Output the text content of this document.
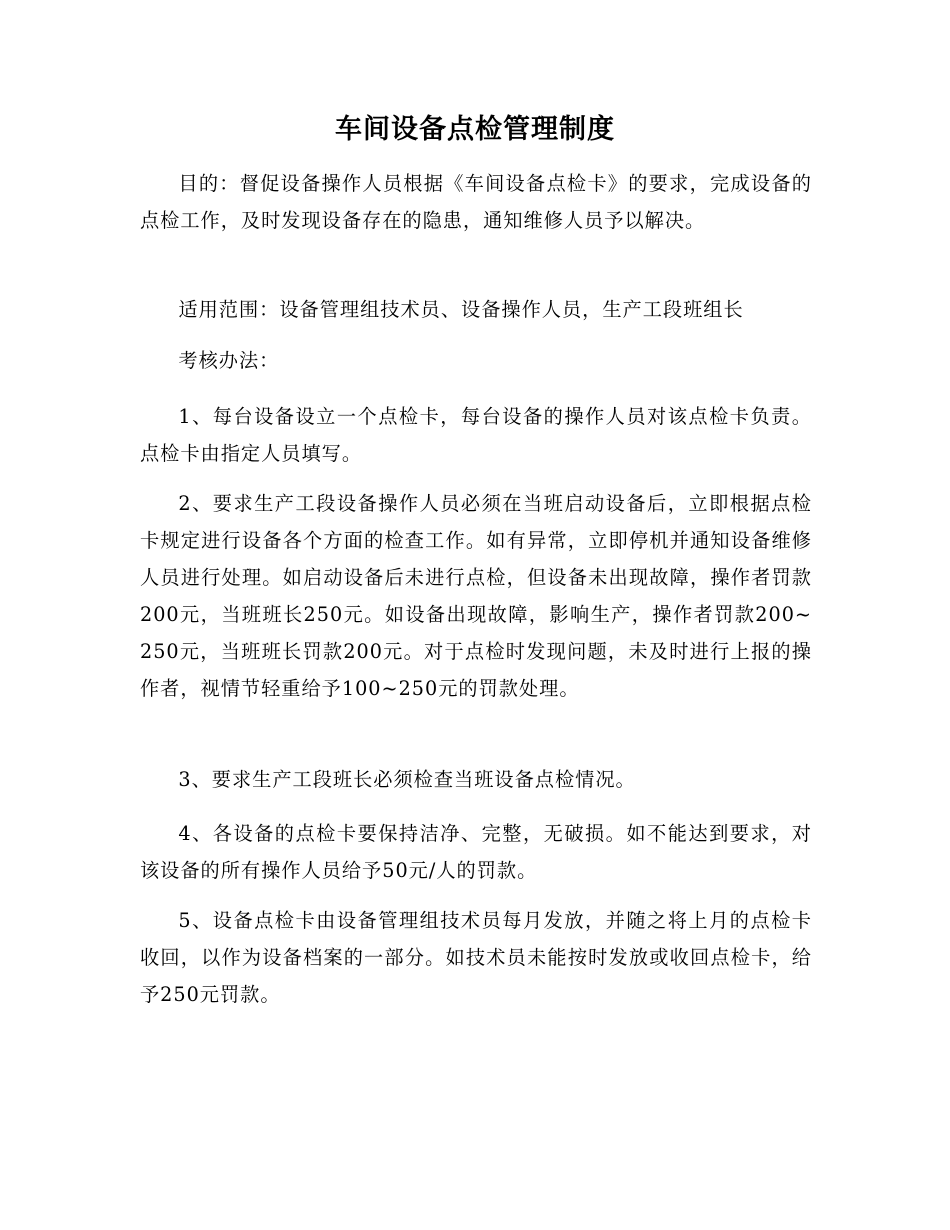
车间设备点检管理制度

目的：督促设备操作人员根据《车间设备点检卡》的要求，完成设备的点检工作，及时发现设备存在的隐患，通知维修人员予以解决。

适用范围：设备管理组技术员、设备操作人员，生产工段班组长

考核办法：

1、每台设备设立一个点检卡，每台设备的操作人员对该点检卡负责。点检卡由指定人员填写。

2、要求生产工段设备操作人员必须在当班启动设备后，立即根据点检卡规定进行设备各个方面的检查工作。如有异常，立即停机并通知设备维修人员进行处理。如启动设备后未进行点检，但设备未出现故障，操作者罚款200元，当班班长250元。如设备出现故障，影响生产，操作者罚款200~250元，当班班长罚款200元。对于点检时发现问题，未及时进行上报的操作者，视情节轻重给予100~250元的罚款处理。

3、要求生产工段班长必须检查当班设备点检情况。

4、各设备的点检卡要保持洁净、完整，无破损。如不能达到要求，对该设备的所有操作人员给予50元/人的罚款。

5、设备点检卡由设备管理组技术员每月发放，并随之将上月的点检卡收回，以作为设备档案的一部分。如技术员未能按时发放或收回点检卡，给予250元罚款。
